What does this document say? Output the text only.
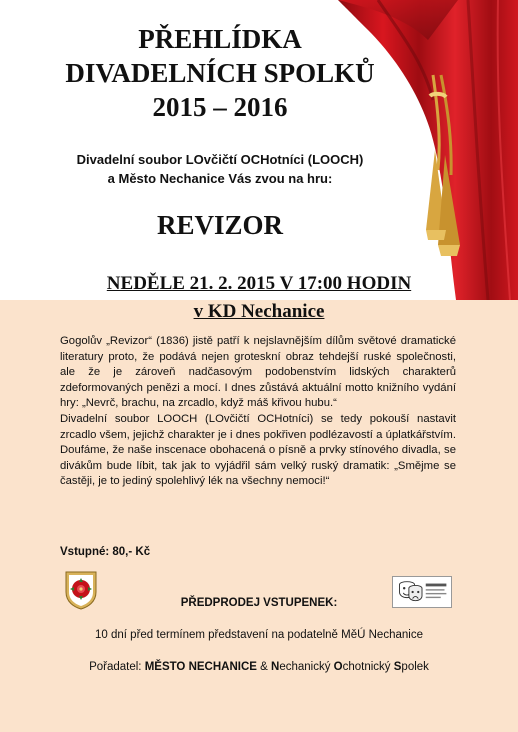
PŘEHLÍDKA
DIVADELNÍCH SPOLKŮ
2015 – 2016
Divadelní soubor LOvčičtí OCHotníci (LOOCH)
a Město Nechanice Vás zvou na hru:
REVIZOR
NEDĚLE 21. 2. 2015 V 17:00 HODIN
v KD Nechanice

Gogolův „Revizor“ (1836) jistě patří k nejslavnějším dílům světové dramatické literatury proto, že podává nejen groteskní obraz tehdejší ruské společnosti, ale že je zároveň nadčasovým podobenstvím lidských charakterů zdeformovaných penězi a mocí. I dnes zůstává aktuální motto knižního vydání hry: „Nevrč, brachu, na zrcadlo, když máš křivou hubu.“

Divadelní soubor LOOCH (LOvčičtí OCHotníci) se tedy pokouší nastavit zrcadlo všem, jejichž charakter je i dnes pokřiven podlézavostí a úplatkářstvím. Doufáme, že naše inscenace obohacená o písně a prvky stínového divadla, se divákům bude líbit, tak jak to vyjádřil sám velký ruský dramatik: „Smějme se častěji, je to jediný spolehlivý lék na všechny nemoci!“

Vstupné: 80,- Kč
PŘEDPRODEJ VSTUPENEK:
10 dní před termínem představení na podatelně MěÚ Nechanice
Pořadatel: MĚSTO NECHANICE & Nechanický Ochotnický Spolek
